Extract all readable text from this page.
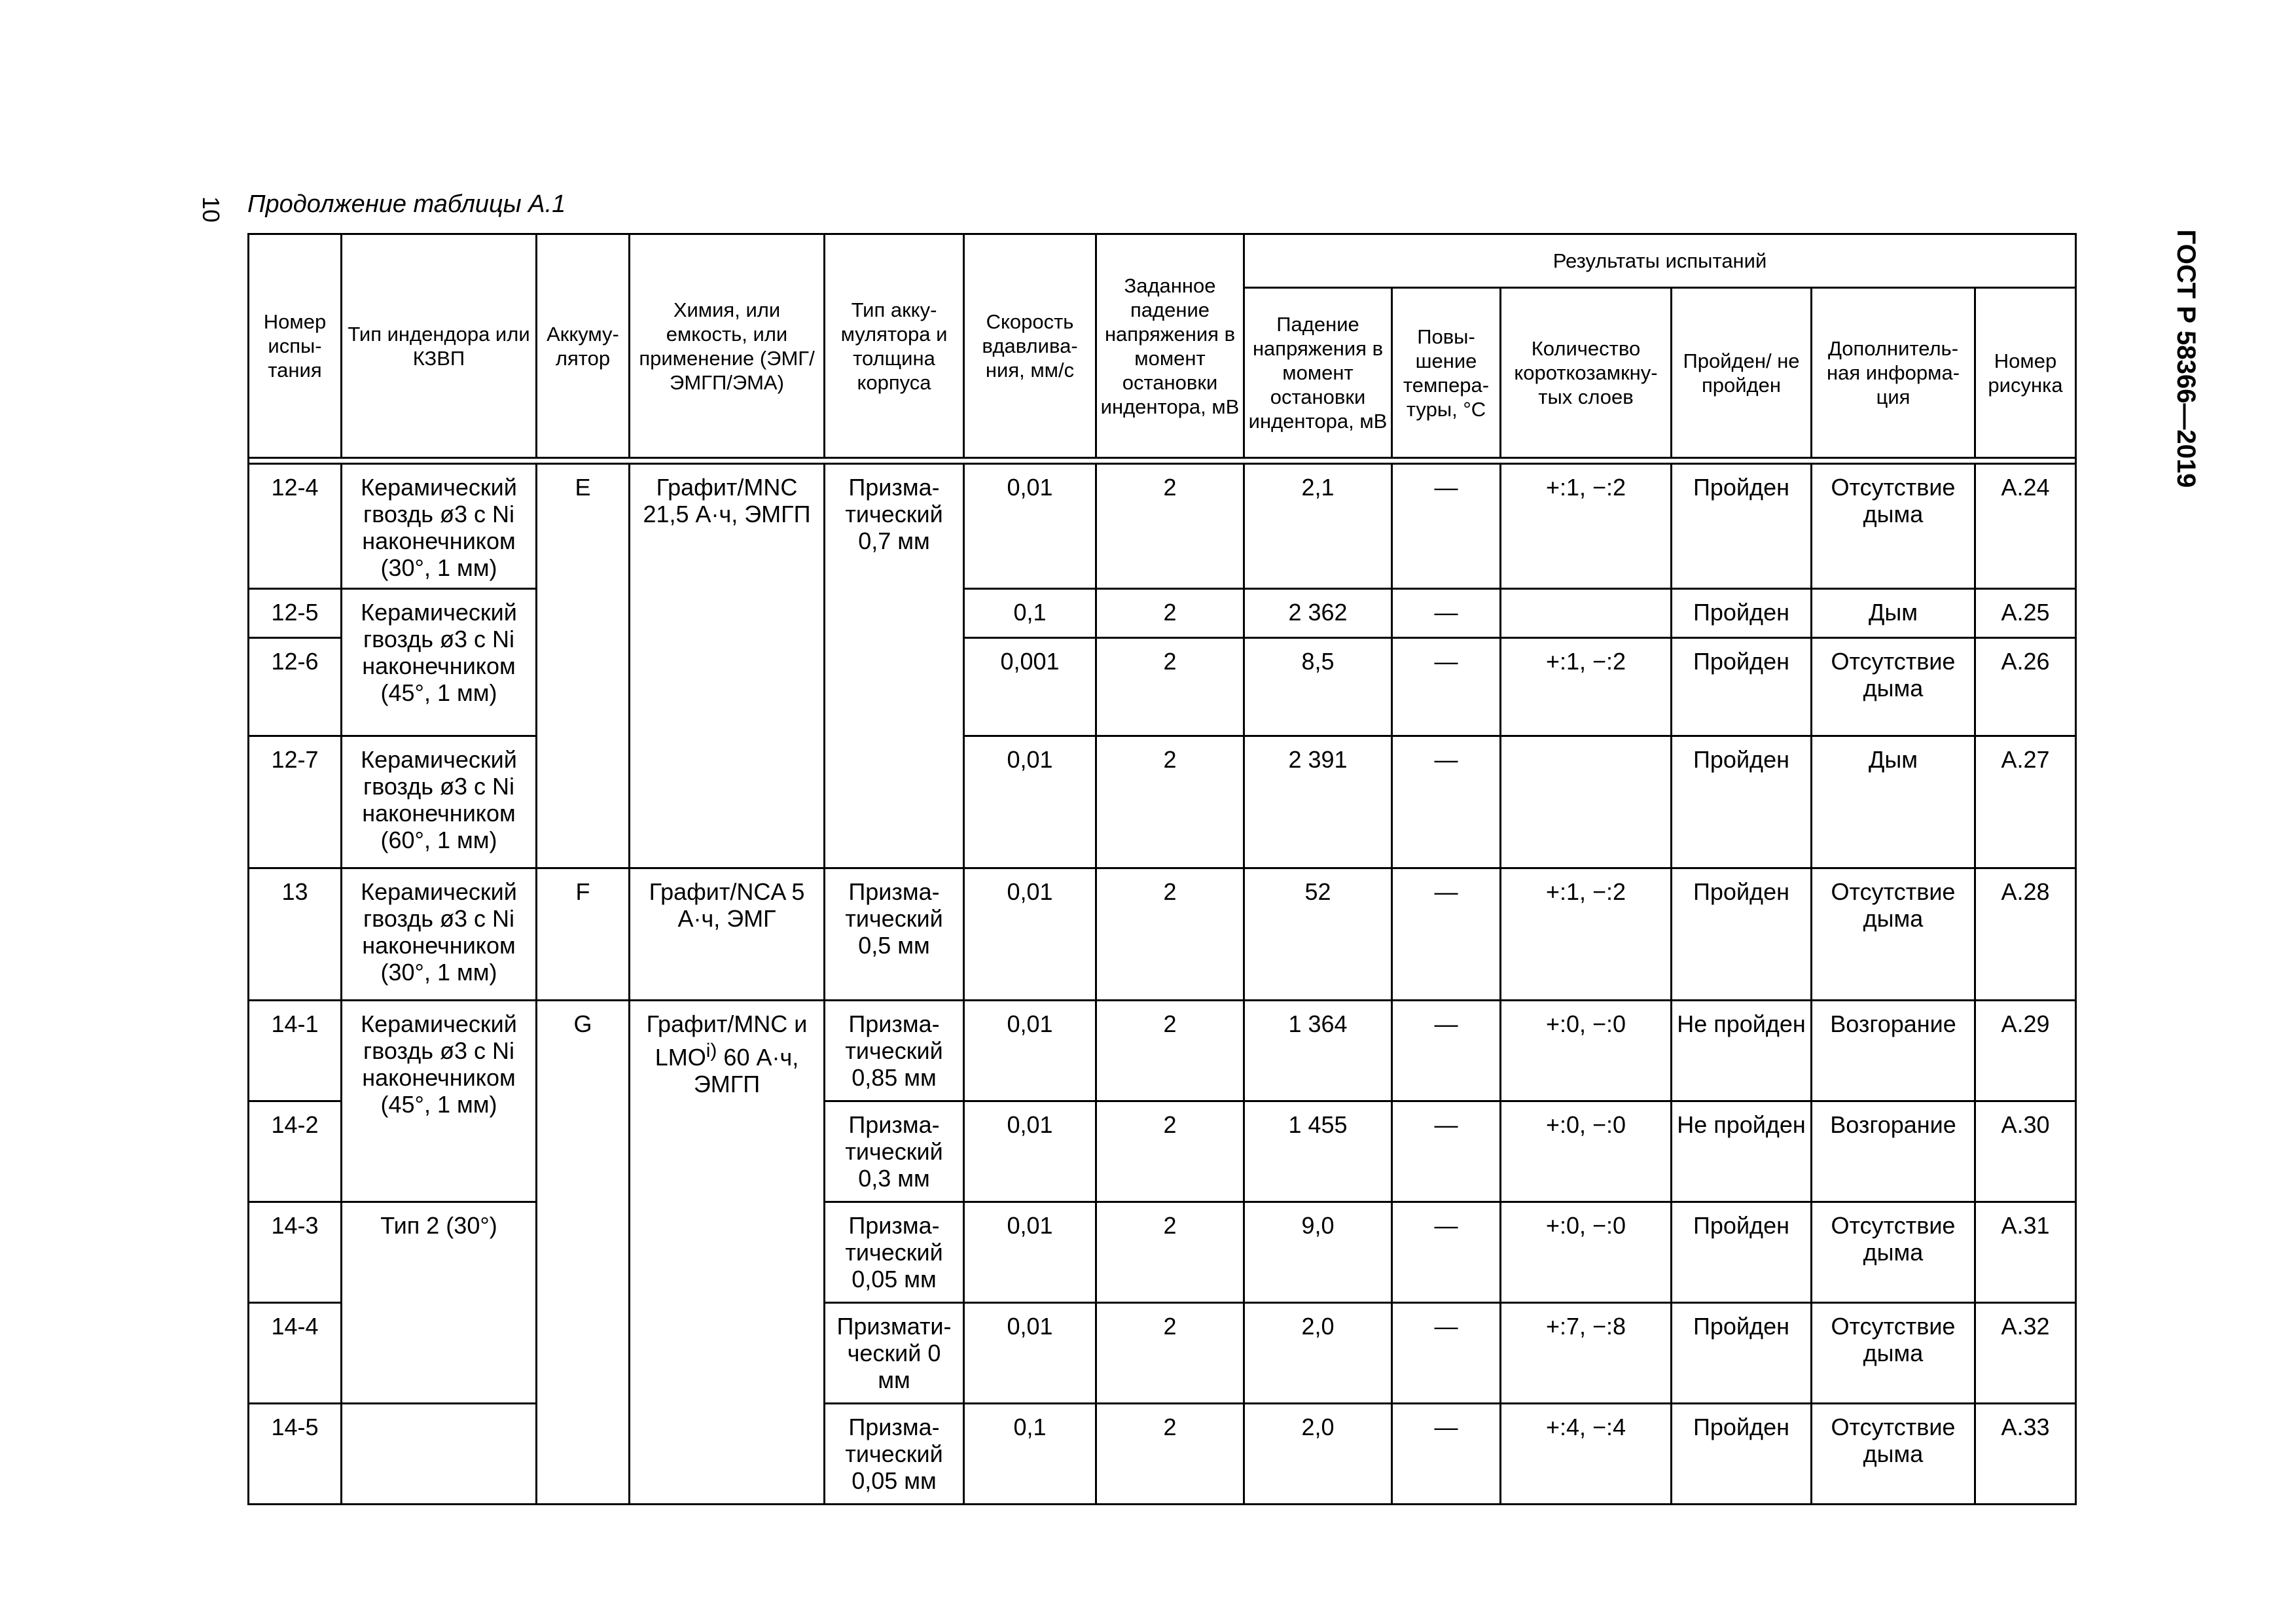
10 Продолжение таблицы А.1
ГОСТ Р 58366—2019
Номер испы-тания	Тип индендора или КЗВП	Аккуму-лятор	Химия, или емкость, или применение (ЭМГ/ЭМГП/ЭМА)	Тип акку-мулятора и толщина корпуса	Скорость вдавлива-ния, мм/с	Заданное падение напряжения в момент остановки индентора, мВ	Результаты испытаний					
							Падение напряжения в момент остановки индентора, мВ	Повы-шение темпера-туры, °С	Количество короткозамкну-тых слоев	Пройден/ не пройден	Дополнитель-ная информа-ция	Номер рисунка

12-4	Керамический гвоздь ø3 с Ni наконечником (30°, 1 мм)	E	Графит/MNC 21,5 А·ч, ЭМГП	Призма-тический 0,7 мм	0,01	2	2,1	—	+:1, −:2	Пройден	Отсутствие дыма	А.24
12-5	Керамический гвоздь ø3 с Ni наконечником (45°, 1 мм)				0,1	2	2 362	—		Пройден	Дым	А.25
12-6					0,001	2	8,5	—	+:1, −:2	Пройден	Отсутствие дыма	А.26
12-7	Керамический гвоздь ø3 с Ni наконечником (60°, 1 мм)				0,01	2	2 391	—		Пройден	Дым	А.27
13	Керамический гвоздь ø3 с Ni наконечником (30°, 1 мм)	F	Графит/NCA 5 А·ч, ЭМГ	Призма-тический 0,5 мм	0,01	2	52	—	+:1, −:2	Пройден	Отсутствие дыма	А.28
14-1	Керамический гвоздь ø3 с Ni наконечником (45°, 1 мм)	G	Графит/MNC и LMO$^{i)}$ 60 А·ч, ЭМГП	Призма-тический 0,85 мм	0,01	2	1 364	—	+:0, −:0	Не пройден	Возгорание	А.29
14-2				Призма-тический 0,3 мм	0,01	2	1 455	—	+:0, −:0	Не пройден	Возгорание	А.30
14-3	Тип 2 (30°)			Призма-тический 0,05 мм	0,01	2	9,0	—	+:0, −:0	Пройден	Отсутствие дыма	А.31
14-4				Призмати-ческий 0 мм	0,01	2	2,0	—	+:7, −:8	Пройден	Отсутствие дыма	А.32
14-5				Призма-тический 0,05 мм	0,1	2	2,0	—	+:4, −:4	Пройден	Отсутствие дыма	А.33
